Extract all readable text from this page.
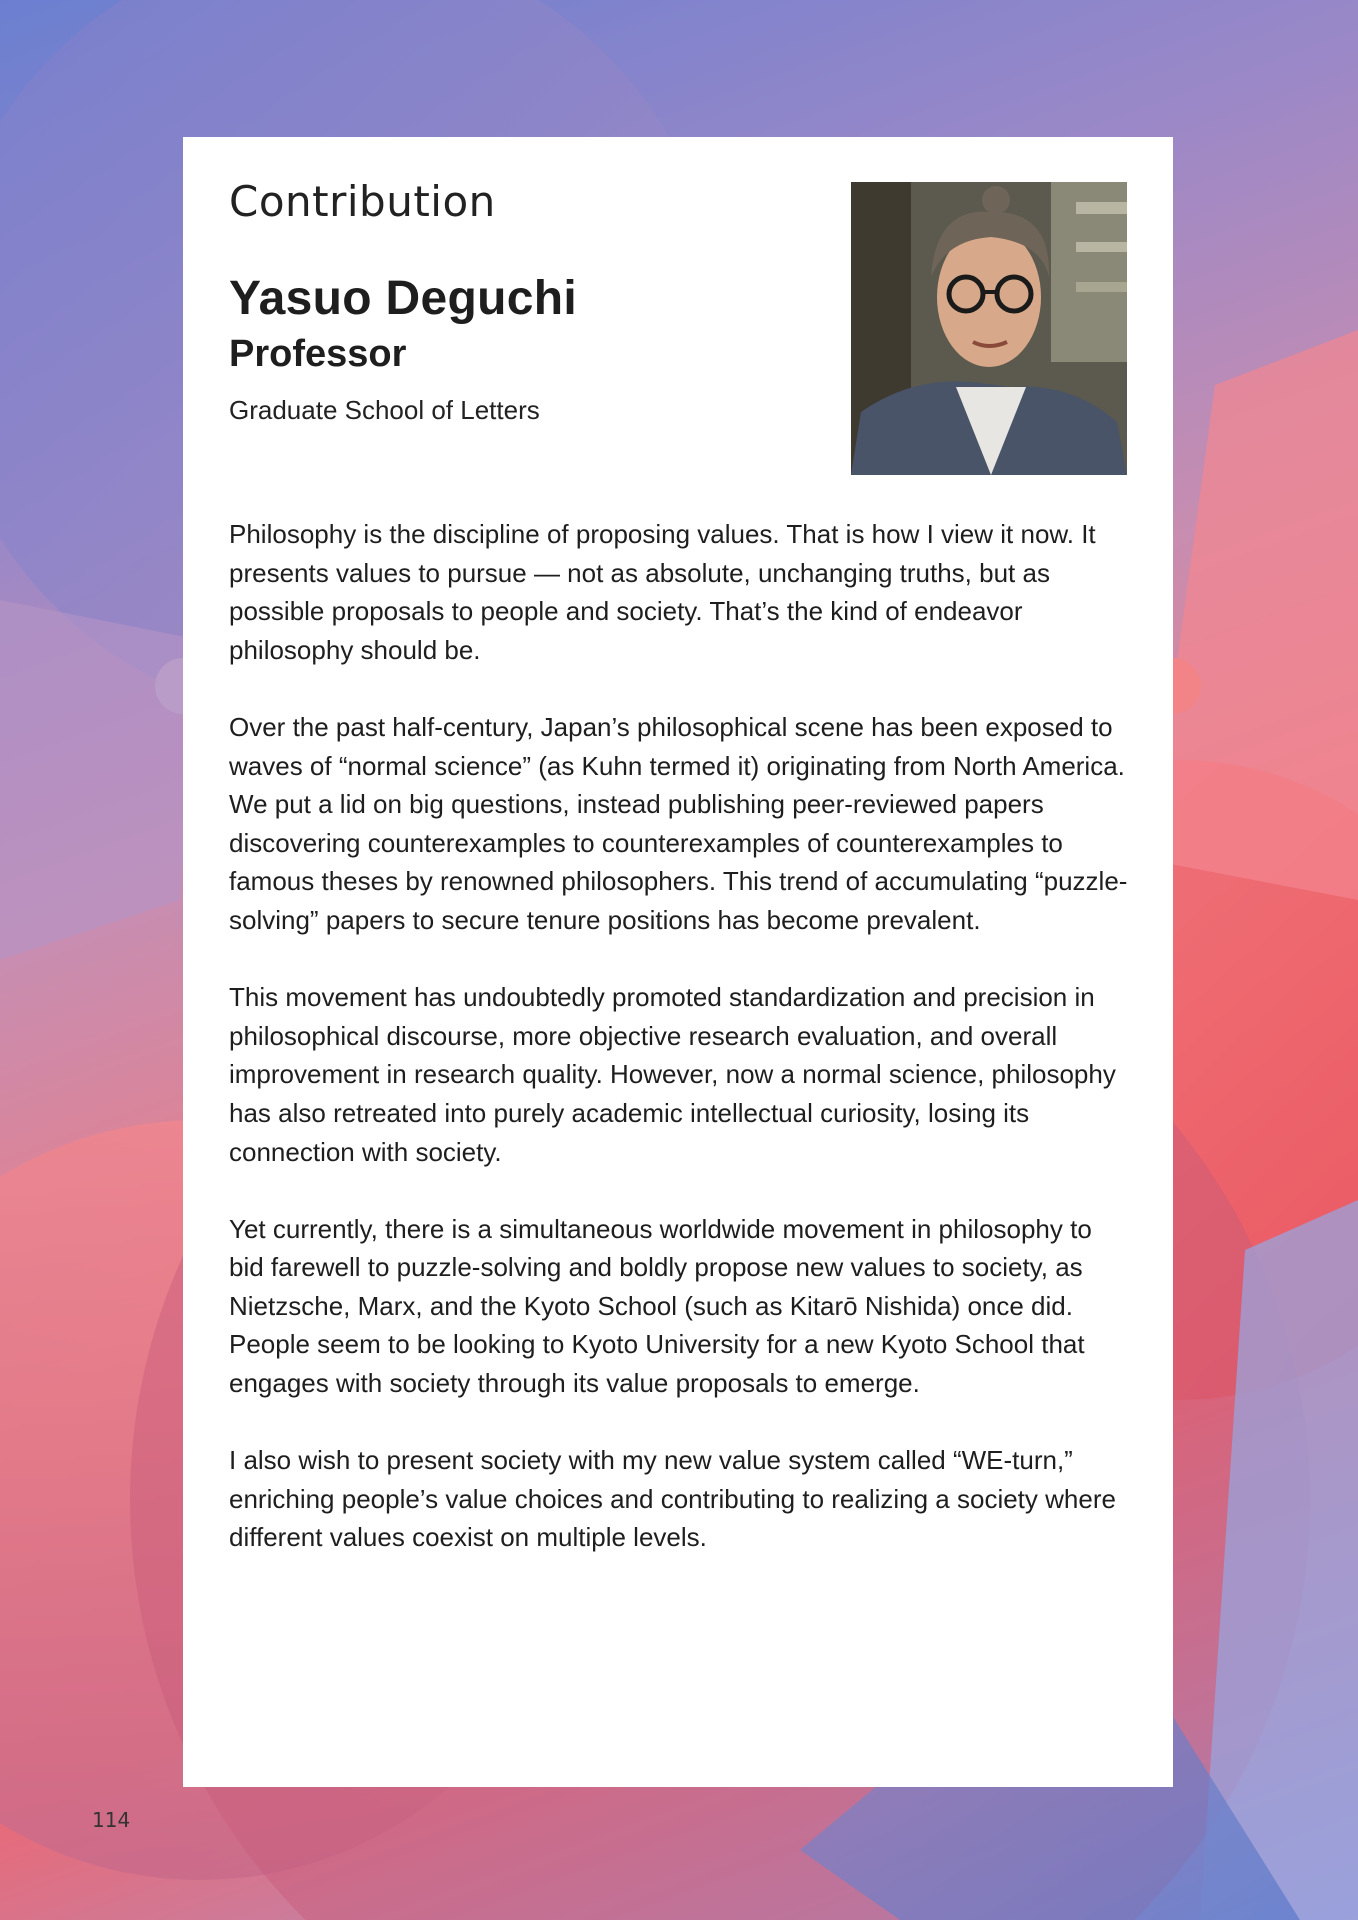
Contribution
Yasuo Deguchi
Professor
Graduate School of Letters

Philosophy is the discipline of proposing values. That is how I view it now. It presents values to pursue — not as absolute, unchanging truths, but as possible proposals to people and society. That’s the kind of endeavor philosophy should be.

Over the past half-century, Japan’s philosophical scene has been exposed to waves of “normal science” (as Kuhn termed it) originating from North America. We put a lid on big questions, instead publishing peer-reviewed papers discovering counterexamples to counterexamples of counterexamples to famous theses by renowned philosophers. This trend of accumulating “puzzle-solving” papers to secure tenure positions has become prevalent.

This movement has undoubtedly promoted standardization and precision in philosophical discourse, more objective research evaluation, and overall improvement in research quality. However, now a normal science, philosophy has also retreated into purely academic intellectual curiosity, losing its connection with society.

Yet currently, there is a simultaneous worldwide movement in philosophy to bid farewell to puzzle-solving and boldly propose new values to society, as Nietzsche, Marx, and the Kyoto School (such as Kitarō Nishida) once did. People seem to be looking to Kyoto University for a new Kyoto School that engages with society through its value proposals to emerge.

I also wish to present society with my new value system called “WE-turn,” enriching people’s value choices and contributing to realizing a society where different values coexist on multiple levels.

114
